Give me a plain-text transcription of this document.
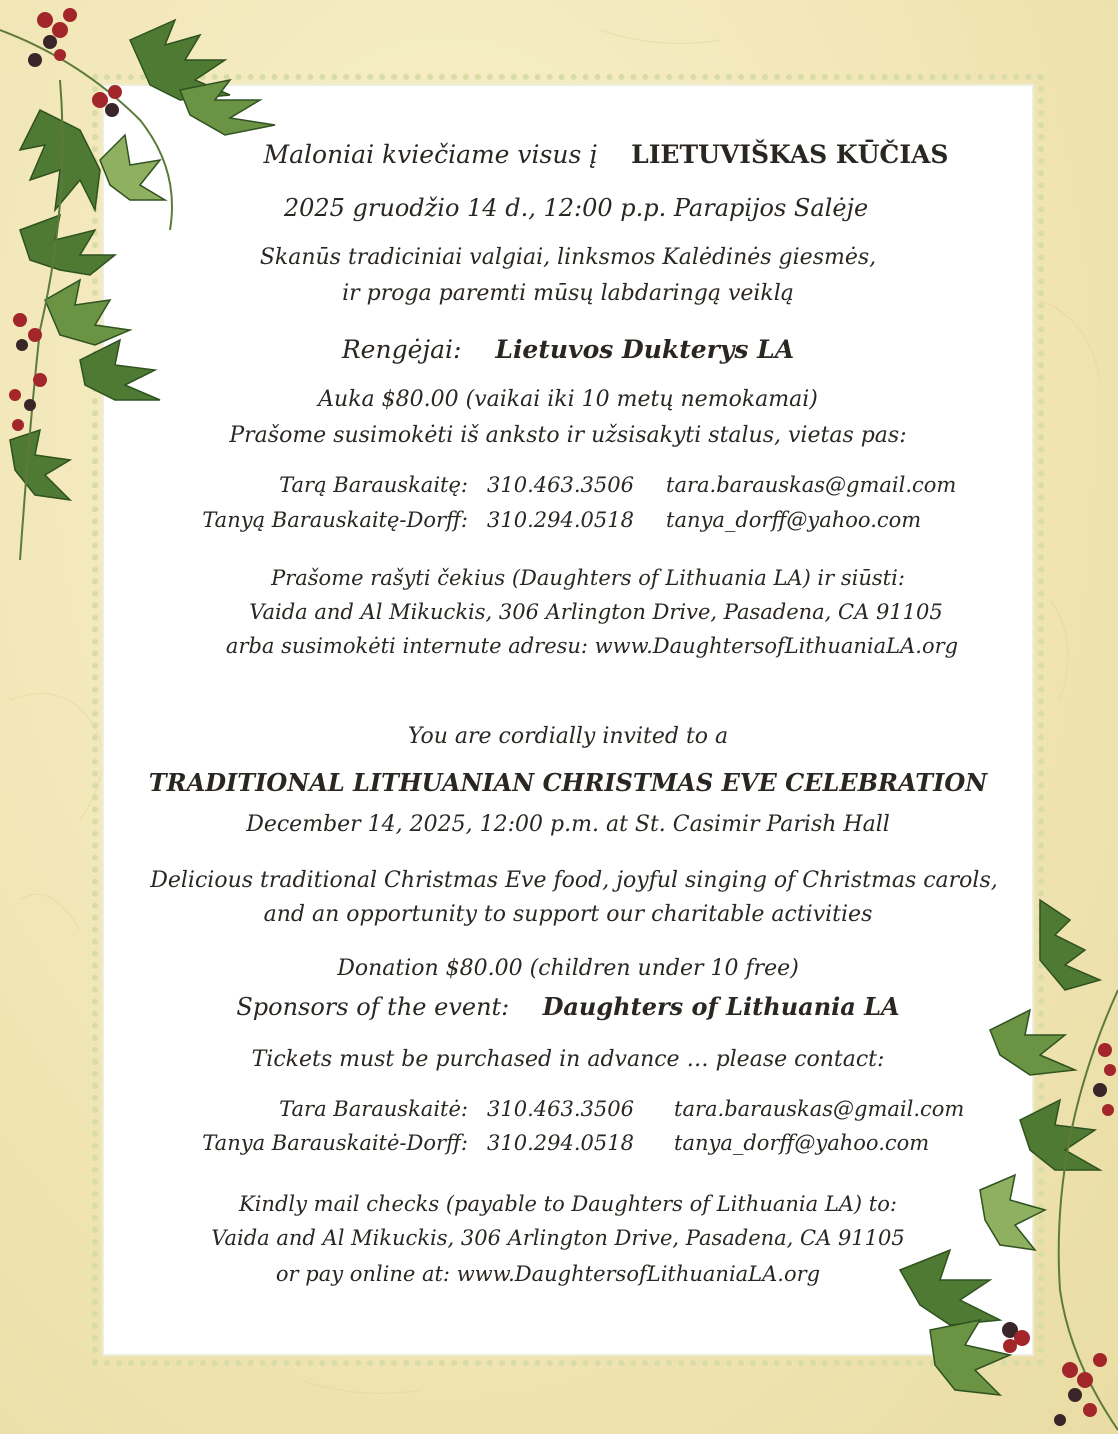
Maloniai kviečiame visus į LIETUVIŠKAS KŪČIAS
2025 gruodžio 14 d., 12:00 p.p. Parapijos Salėje
Skanūs tradiciniai valgiai, linksmos Kalėdinės giesmės,
ir proga paremti mūsų labdaringą veiklą
Rengėjai: Lietuvos Dukterys LA
Auka $80.00 (vaikai iki 10 metų nemokamai)
Prašome susimokėti iš anksto ir užsisakyti stalus, vietas pas:
Tarą Barauskaitę: 310.463.3506 tara.barauskas@gmail.com
Tanyą Barauskaitę-Dorff: 310.294.0518 tanya_dorff@yahoo.com
Prašome rašyti čekius (Daughters of Lithuania LA) ir siūsti:
Vaida and Al Mikuckis, 306 Arlington Drive, Pasadena, CA 91105
arba susimokėti internute adresu: www.DaughtersofLithuaniaLA.org
You are cordially invited to a
TRADITIONAL LITHUANIAN CHRISTMAS EVE CELEBRATION
December 14, 2025, 12:00 p.m. at St. Casimir Parish Hall
Delicious traditional Christmas Eve food, joyful singing of Christmas carols,
and an opportunity to support our charitable activities
Donation $80.00 (children under 10 free)
Sponsors of the event: Daughters of Lithuania LA
Tickets must be purchased in advance … please contact:
Tara Barauskaitė: 310.463.3506 tara.barauskas@gmail.com
Tanya Barauskaitė-Dorff: 310.294.0518 tanya_dorff@yahoo.com
Kindly mail checks (payable to Daughters of Lithuania LA) to:
Vaida and Al Mikuckis, 306 Arlington Drive, Pasadena, CA 91105
or pay online at: www.DaughtersofLithuaniaLA.org
